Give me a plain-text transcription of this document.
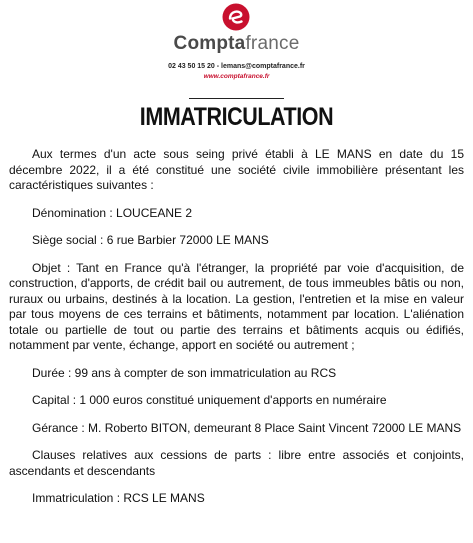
Comptafrance
02 43 50 15 20 - lemans@comptafrance.fr
www.comptafrance.fr
IMMATRICULATION

Aux termes d'un acte sous seing privé établi à LE MANS en date du 15 décembre 2022, il a été constitué une société civile immobilière présentant les caractéristiques suivantes :

Dénomination : LOUCEANE 2

Siège social : 6 rue Barbier 72000 LE MANS

Objet : Tant en France qu'à l'étranger, la propriété par voie d'acquisition, de construction, d'apports, de crédit bail ou autrement, de tous immeubles bâtis ou non, ruraux ou urbains, destinés à la location. La gestion, l'entretien et la mise en valeur par tous moyens de ces terrains et bâtiments, notamment par location. L'aliénation totale ou partielle de tout ou partie des terrains et bâtiments acquis ou édifiés, notamment par vente, échange, apport en société ou autrement ;

Durée : 99 ans à compter de son immatriculation au RCS

Capital : 1 000 euros constitué uniquement d'apports en numéraire

Gérance : M. Roberto BITON, demeurant 8 Place Saint Vincent 72000 LE MANS

Clauses relatives aux cessions de parts : libre entre associés et conjoints, ascendants et descendants

Immatriculation : RCS LE MANS
